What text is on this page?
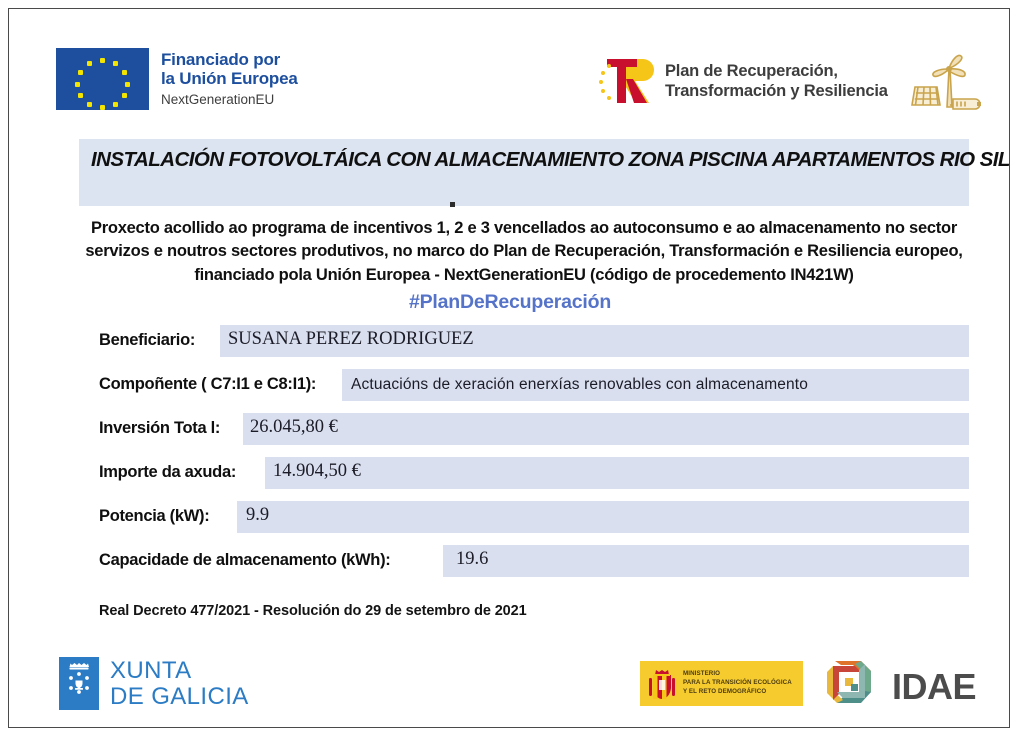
Financiado por
la Unión Europea
NextGenerationEU
Plan de Recuperación,
Transformación y Resiliencia
INSTALACIÓN FOTOVOLTÁICA CON ALMACENAMIENTO ZONA PISCINA APARTAMENTOS RIO SIL
Proxecto acollido ao programa de incentivos 1, 2 e 3 vencellados ao autoconsumo e ao almacenamento no sector servizos e noutros sectores produtivos, no marco do Plan de Recuperación, Transformación e Resiliencia europeo, financiado pola Unión Europea - NextGenerationEU (código de procedemento IN421W)
#PlanDeRecuperación
Beneficiario: SUSANA PEREZ RODRIGUEZ
Compoñente ( C7:I1 e C8:I1): Actuacións de xeración enerxías renovables con almacenamento
Inversión Tota l: 26.045,80 €
Importe da axuda: 14.904,50 €
Potencia (kW): 9.9
Capacidade de almacenamento (kWh):	19.6
Real Decreto 477/2021 - Resolución do 29 de setembro de 2021
XUNTA
DE GALICIA
MINISTERIO
PARA LA TRANSICIÓN ECOLÓGICA
Y EL RETO DEMOGRÁFICO	IDAE
